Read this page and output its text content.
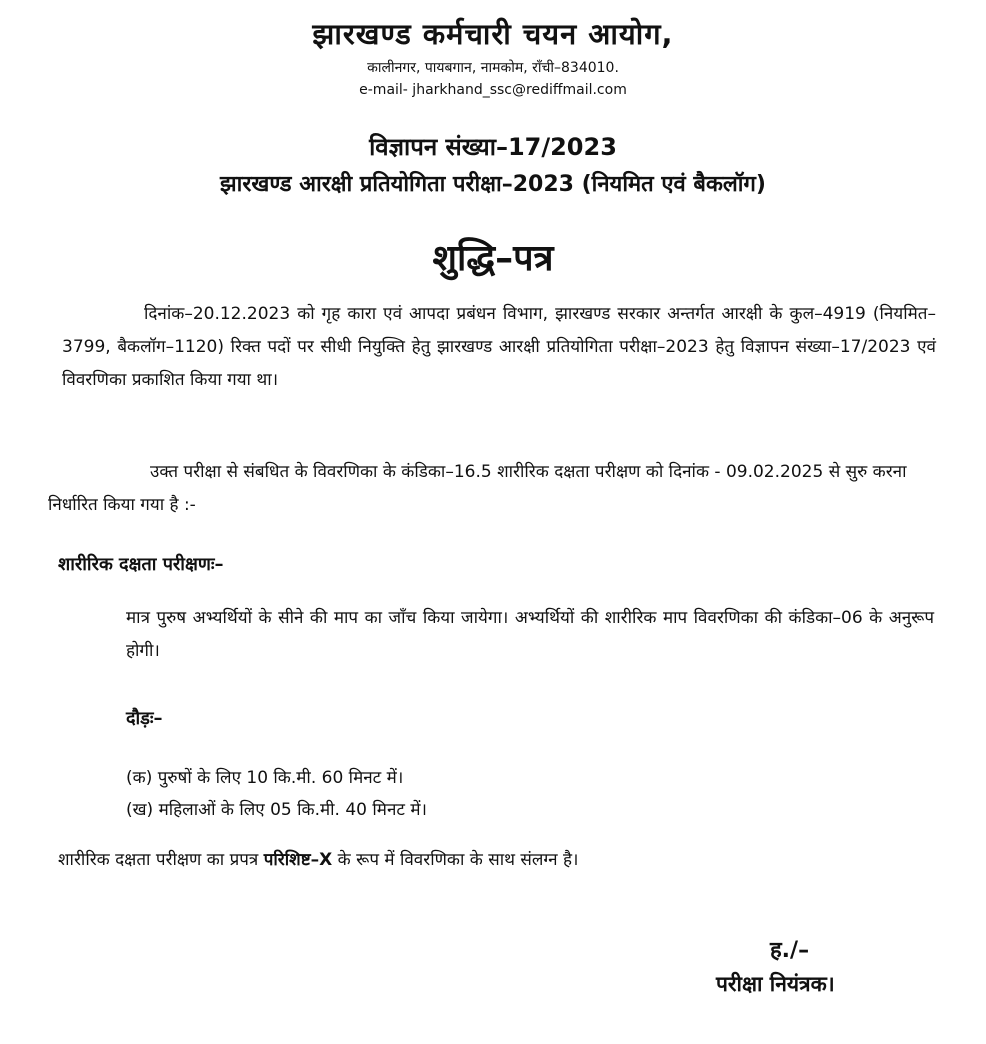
झारखण्ड कर्मचारी चयन आयोग,
कालीनगर, पायबगान, नामकोम, राँची–834010.
e-mail- jharkhand_ssc@rediffmail.com
विज्ञापन संख्या–17/2023
झारखण्ड आरक्षी प्रतियोगिता परीक्षा–2023 (नियमित एवं बैकलॉग)
शुद्धि–पत्र
दिनांक–20.12.2023 को गृह कारा एवं आपदा प्रबंधन विभाग, झारखण्ड सरकार अन्तर्गत आरक्षी के कुल–4919 (नियमित–3799, बैकलॉग–1120) रिक्त पदों पर सीधी नियुक्ति हेतु झारखण्ड आरक्षी प्रतियोगिता परीक्षा–2023 हेतु विज्ञापन संख्या–17/2023 एवं विवरणिका प्रकाशित किया गया था।
उक्त परीक्षा से संबधित के विवरणिका के कंडिका–16.5 शारीरिक दक्षता परीक्षण को दिनांक - 09.02.2025 से सुरु करना निर्धारित किया गया है :-
शारीरिक दक्षता परीक्षणः–
मात्र पुरुष अभ्यर्थियों के सीने की माप का जाँच किया जायेगा। अभ्यर्थियों की शारीरिक माप विवरणिका की कंडिका–06 के अनुरूप होगी।
दौड़ः–
(क) पुरुषों के लिए 10 कि.मी. 60 मिनट में।
(ख) महिलाओं के लिए 05 कि.मी. 40 मिनट में।
शारीरिक दक्षता परीक्षण का प्रपत्र परिशिष्ट–X के रूप में विवरणिका के साथ संलग्न है।
ह./–
परीक्षा नियंत्रक।
